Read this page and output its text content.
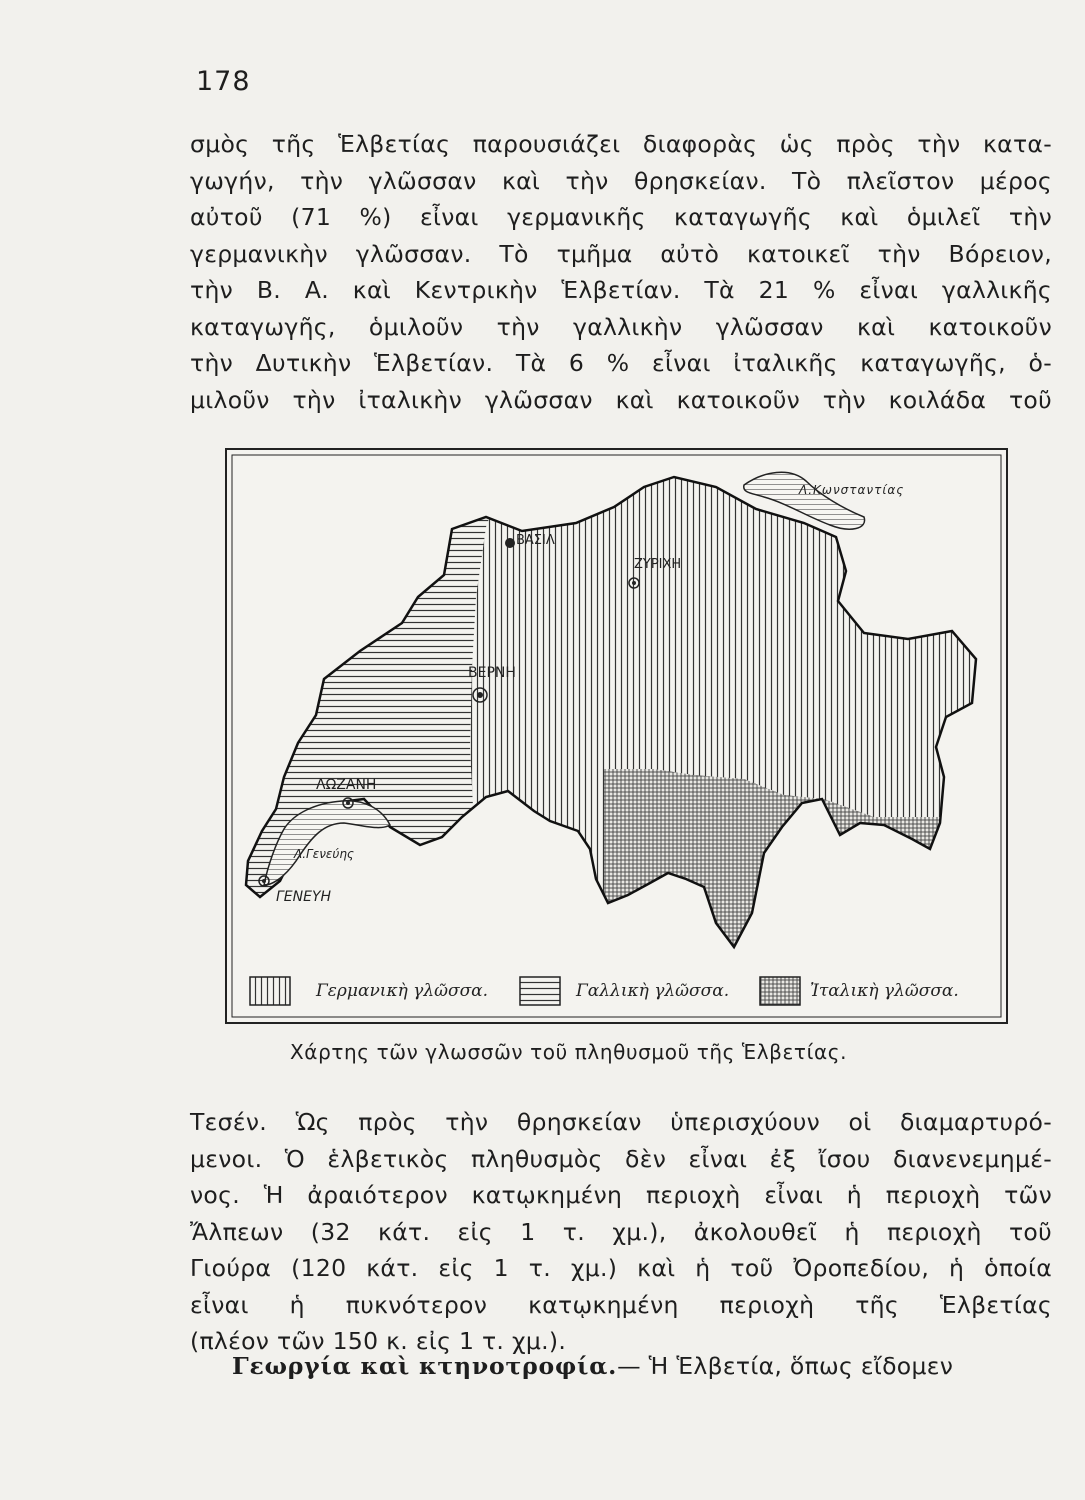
178
σμὸς τῆς Ἑλβετίας παρουσιάζει διαφορὰς ὡς πρὸς τὴν κατα-
γωγήν, τὴν γλῶσσαν καὶ τὴν θρησκείαν. Τὸ πλεῖστον μέρος
αὐτοῦ (71 %) εἶναι γερμανικῆς καταγωγῆς καὶ ὁμιλεῖ τὴν
γερμανικὴν γλῶσσαν. Τὸ τμῆμα αὐτὸ κατοικεῖ τὴν Βόρειον,
τὴν Β. Α. καὶ Κεντρικὴν Ἑλβετίαν. Τὰ 21 % εἶναι γαλλικῆς
καταγωγῆς, ὁμιλοῦν τὴν γαλλικὴν γλῶσσαν καὶ κατοικοῦν
τὴν Δυτικὴν Ἑλβετίαν. Τὰ 6 % εἶναι ἰταλικῆς καταγωγῆς, ὁ-
μιλοῦν τὴν ἰταλικὴν γλῶσσαν καὶ κατοικοῦν τὴν κοιλάδα τοῦ
Λ.Κωνσταντίας
ΒΑΣΙΛ
ΖΥΡΙΧΗ
ΒΕΡΝΗ
ΛΩΖΑΝΗ
Λ.Γενεύης
ΓΕΝΕΥΗ
Γερμανικὴ γλῶσσα.	Γαλλικὴ γλῶσσα.	Ἰταλικὴ γλῶσσα.
Χάρτης τῶν γλωσσῶν τοῦ πληθυσμοῦ τῆς Ἑλβετίας.
Τεσέν. Ὡς πρὸς τὴν θρησκείαν ὑπερισχύουν οἱ διαμαρτυρό-
μενοι. Ὁ ἑλβετικὸς πληθυσμὸς δὲν εἶναι ἐξ ἴσου διανενεμημέ-
νος. Ἡ ἀραιότερον κατῳκημένη περιοχὴ εἶναι ἡ περιοχὴ τῶν
Ἄλπεων (32 κάτ. εἰς 1 τ. χμ.), ἀκολουθεῖ ἡ περιοχὴ τοῦ
Γιούρα (120 κάτ. εἰς 1 τ. χμ.) καὶ ἡ τοῦ Ὀροπεδίου, ἡ ὁποία
εἶναι ἡ πυκνότερον κατῳκημένη περιοχὴ τῆς Ἑλβετίας
(πλέον τῶν 150 κ. εἰς 1 τ. χμ.).
Γεωργία καὶ κτηνοτροφία.— Ἡ Ἑλβετία, ὅπως εἴδομεν
